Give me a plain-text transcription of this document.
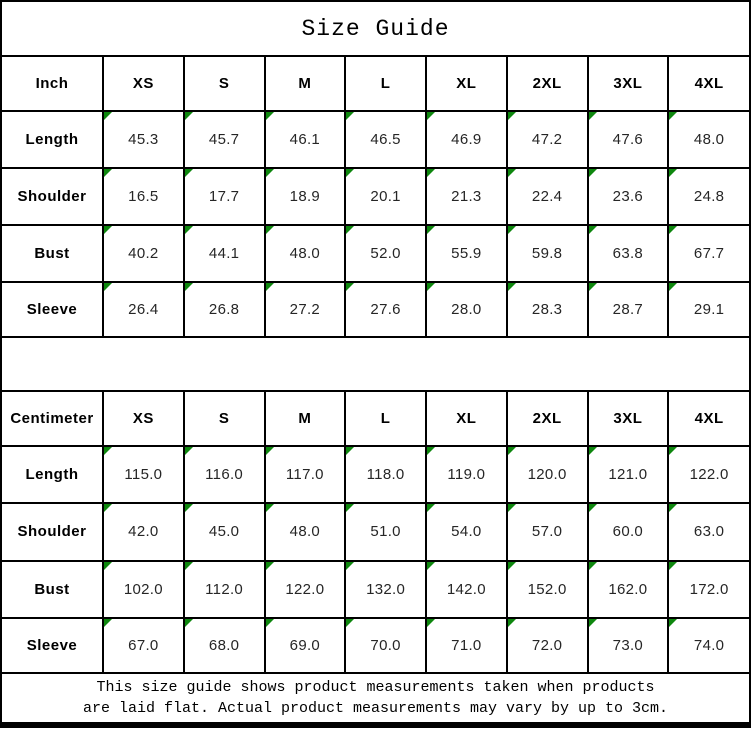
Size Guide
Inch	XS	S	M	L	XL	2XL	3XL	4XL
Length	45.3	45.7	46.1	46.5	46.9	47.2	47.6	48.0
Shoulder	16.5	17.7	18.9	20.1	21.3	22.4	23.6	24.8
Bust	40.2	44.1	48.0	52.0	55.9	59.8	63.8	67.7
Sleeve	26.4	26.8	27.2	27.6	28.0	28.3	28.7	29.1
Centimeter	XS	S	M	L	XL	2XL	3XL	4XL
Length	115.0	116.0	117.0	118.0	119.0	120.0	121.0	122.0
Shoulder	42.0	45.0	48.0	51.0	54.0	57.0	60.0	63.0
Bust	102.0	112.0	122.0	132.0	142.0	152.0	162.0	172.0
Sleeve	67.0	68.0	69.0	70.0	71.0	72.0	73.0	74.0
This size guide shows product measurements taken when products
are laid flat. Actual product measurements may vary by up to 3cm.
